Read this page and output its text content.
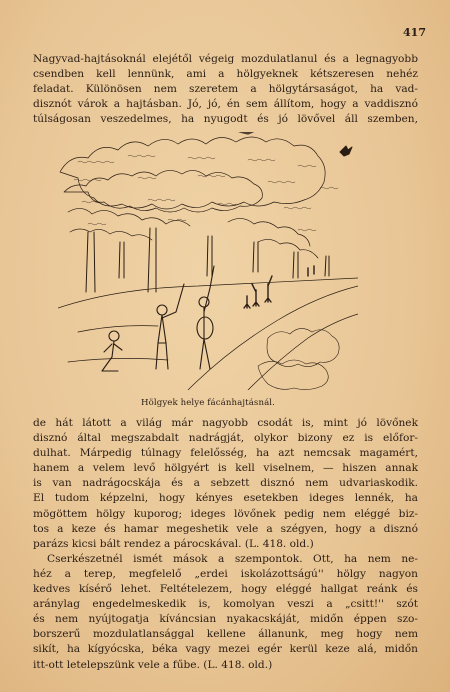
417

Nagyvad-hajtásoknál elejétől végeig mozdulatlanul és a legnagyobb
csendben kell lennünk, ami a hölgyeknek kétszeresen nehéz
feladat. Különösen nem szeretem a hölgytársaságot, ha vad-
disznót várok a hajtásban. Jó, jó, én sem állítom, hogy a vaddisznó
túlságosan veszedelmes, ha nyugodt és jó lövővel áll szemben,

Hölgyek helye fácánhajtásnál.

de hát látott a világ már nagyobb csodát is, mint jó lövőnek
disznó által megszabdalt nadrágját, olykor bizony ez is előfor-
dulhat. Márpedig túlnagy felelősség, ha azt nemcsak magamért,
hanem a velem levő hölgyért is kell viselnem, — hiszen annak
is van nadrágocskája és a sebzett disznó nem udvariaskodik.
El tudom képzelni, hogy kényes esetekben ideges lennék, ha
mögöttem hölgy kuporog; ideges lövőnek pedig nem eléggé biz-
tos a keze és hamar megeshetik vele a szégyen, hogy a disznó
parázs kicsi bált rendez a párocskával. (L. 418. old.)
Cserkészetnél ismét mások a szempontok. Ott, ha nem ne-
héz a terep, megfelelő „erdei iskolázottságú'' hölgy nagyon
kedves kísérő lehet. Feltételezem, hogy eléggé hallgat reánk és
aránylag engedelmeskedik is, komolyan veszi a „csitt!'' szót
és nem nyújtogatja kíváncsian nyakacskáját, midőn éppen szo-
borszerű mozdulatlansággal kellene állanunk, meg hogy nem
sikít, ha kígyócska, béka vagy mezei egér kerül keze alá, midőn
itt-ott letelepszünk vele a fűbe. (L. 418. old.)
